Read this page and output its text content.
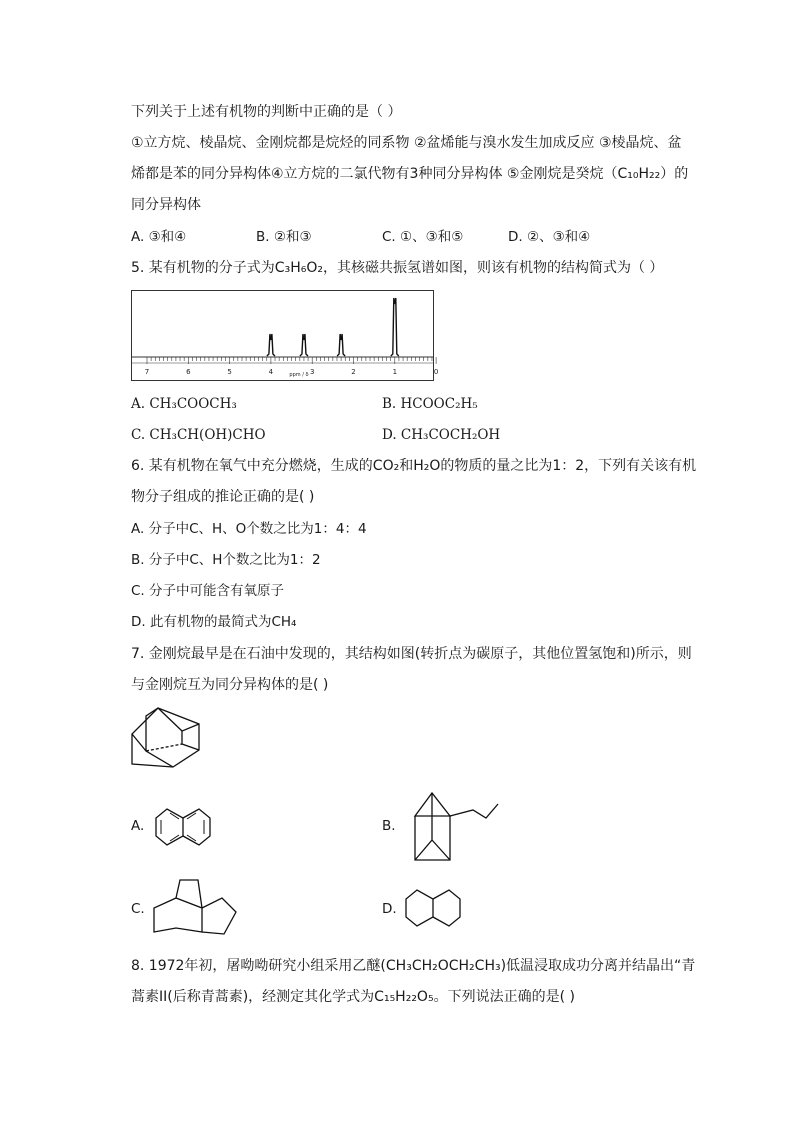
下列关于上述有机物的判断中正确的是（ ）
①立方烷、棱晶烷、金刚烷都是烷烃的同系物 ②盆烯能与溴水发生加成反应 ③棱晶烷、盆
烯都是苯的同分异构体④立方烷的二氯代物有3种同分异构体 ⑤金刚烷是癸烷（C₁₀H₂₂）的
同分异构体
A. ③和④	B. ②和③	C. ①、③和⑤	D. ②、③和④
5. 某有机物的分子式为C₃H₆O₂，其核磁共振氢谱如图，则该有机物的结构简式为（ ）
7	6	5	4	3	2	1	0
ppm / δ
A. CH₃COOCH₃	B. HCOOC₂H₅
C. CH₃CH(OH)CHO	D. CH₃COCH₂OH
6. 某有机物在氧气中充分燃烧，生成的CO₂和H₂O的物质的量之比为1：2，下列有关该有机
物分子组成的推论正确的是( )
A. 分子中C、H、O个数之比为1：4：4
B. 分子中C、H个数之比为1：2
C. 分子中可能含有氧原子
D. 此有机物的最简式为CH₄
7. 金刚烷最早是在石油中发现的，其结构如图(转折点为碳原子，其他位置氢饱和)所示，则
与金刚烷互为同分异构体的是( )
A.	B.
C.	D.
8. 1972年初，屠呦呦研究小组采用乙醚(CH₃CH₂OCH₂CH₃)低温浸取成功分离并结晶出“青
蒿素II(后称青蒿素)，经测定其化学式为C₁₅H₂₂O₅。下列说法正确的是( )
